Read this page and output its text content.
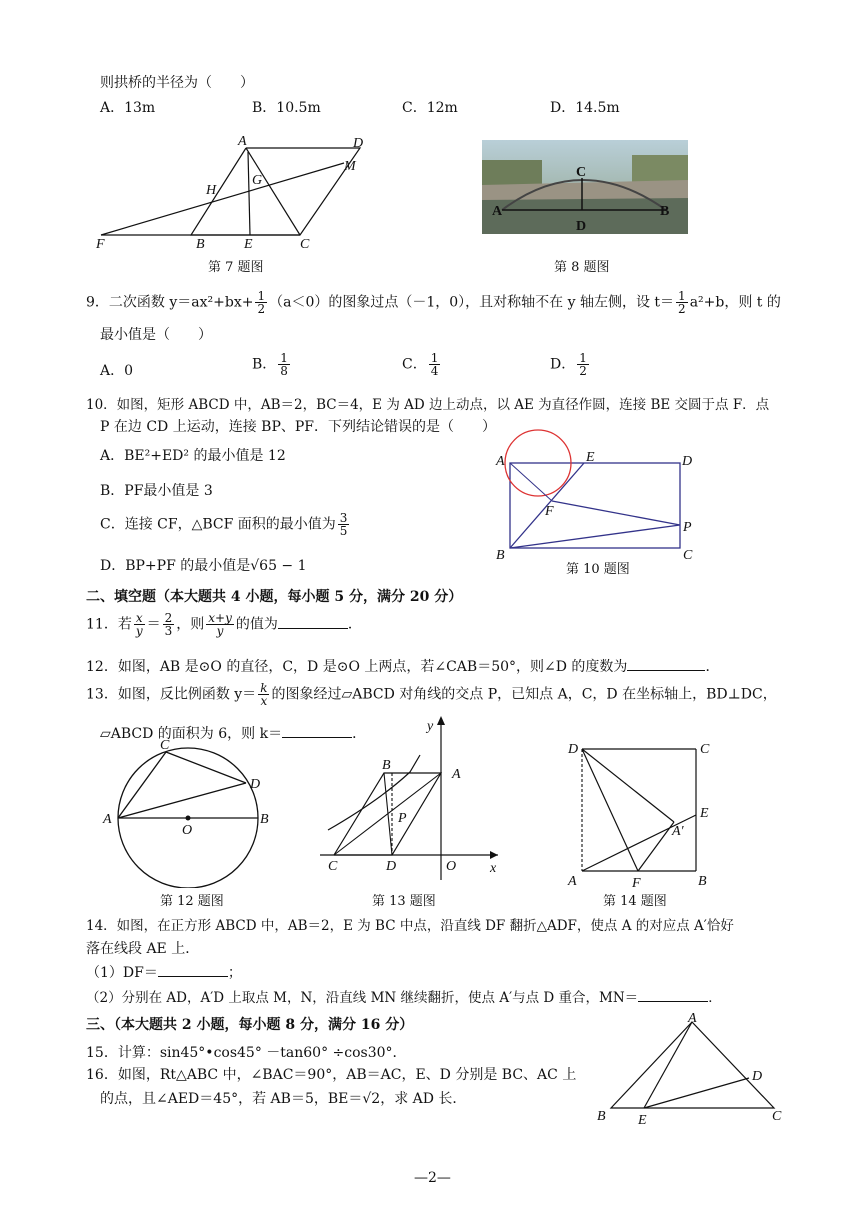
则拱桥的半径为（　　）
A．13m	B．10.5m	C．12m	D．14.5m
A	D
M
H
G
F	B	E	C
第 7 题图
A	B
C
D
第 8 题图
9．二次函数 $y=ax^2+bx+ \frac{1}{2} (a<0)$的图象过点（－1，0），且对称轴不在 y 轴左侧，设 $t= \frac{1}{2} a^2+b$，则 t 的
最小值是（　　）
A．0	B． $\frac{1}{8}$	C． $\frac{1}{4}$	D． $\frac{1}{2}$
10．如图，矩形 ABCD 中，AB＝2，BC＝4，E 为 AD 边上动点，以 AE 为直径作圆，连接 BE 交圆于点 F．点
P 在边 CD 上运动，连接 BP、PF．下列结论错误的是（　　）
A．BE²+ED² 的最小值是 12
B．PF最小值是 3
C．连接 CF，△BCF 面积的最小值为 $\frac{3}{5}$
D．BP+PF 的最小值是√65 − 1
A	E	D
F
P
B	C
第 10 题图
二、填空题（本大题共 4 小题，每小题 5 分，满分 20 分）
11．若 $\frac{x}{y} = \frac{2}{3}$ ，则 $\frac{x+y}{y}$ 的值为	．
12．如图，AB 是⊙O 的直径，C，D 是⊙O 上两点，若∠CAB＝50°，则∠D 的度数为	．
13．如图，反比例函数 $y= \frac{k}{x}$ 的图象经过▱ABCD 对角线的交点 P，已知点 A，C，D 在坐标轴上，BD⊥DC，
▱ABCD 的面积为 6，则 k＝	．
C
D
A
O
B
第 12 题图
y
B
A
P
C	D	O x
第 13 题图
D	C
E
A′
A	F	B
第 14 题图
14．如图，在正方形 ABCD 中，AB＝2，E 为 BC 中点，沿直线 DF 翻折△ADF，使点 A 的对应点 A′恰好
落在线段 AE 上．
（1）DF＝	；
（2）分别在 AD，A′D 上取点 M，N，沿直线 MN 继续翻折，使点 A′与点 D 重合，MN＝	．
三、（本大题共 2 小题，每小题 8 分，满分 16 分）
15．计算：sin45°•cos45° －tan60° ÷cos30°．
16．如图，Rt△ABC 中，∠BAC＝90°，AB＝AC，E、D 分别是 BC、AC 上
的点，且∠AED＝45°，若 AB＝5，BE＝√2，求 AD 长．
A
D
B E	C
—2—
